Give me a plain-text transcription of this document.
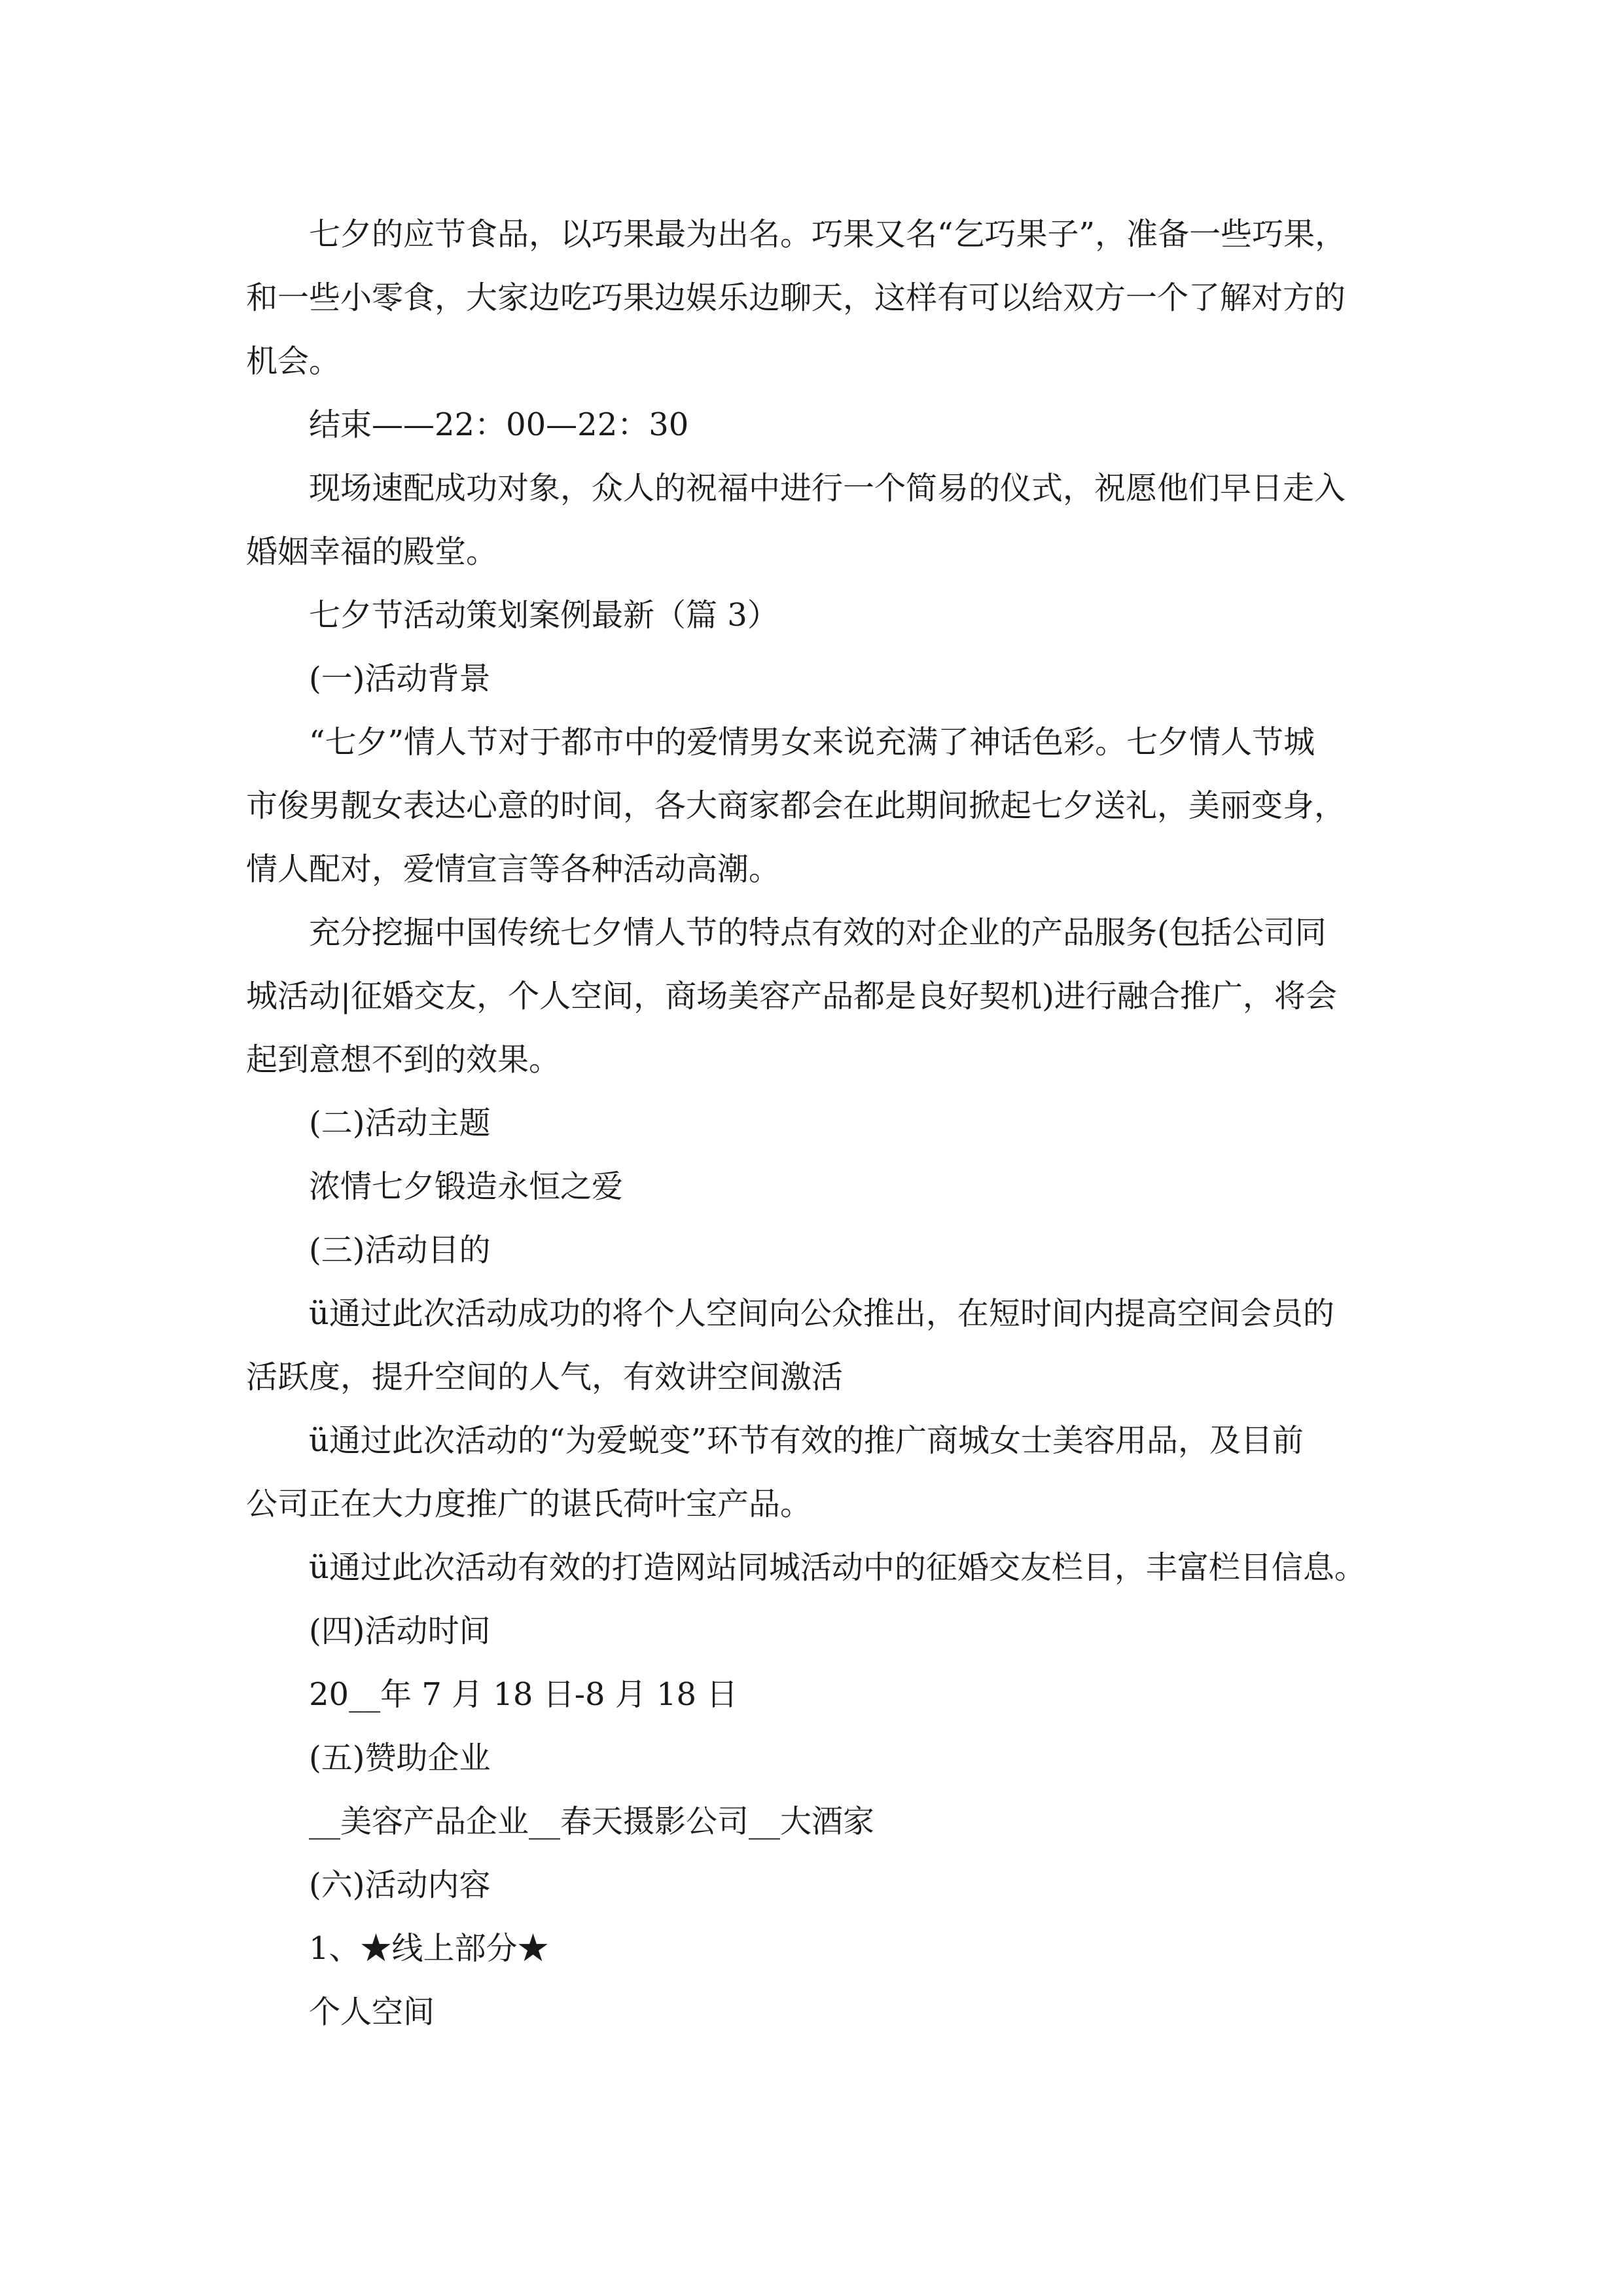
七夕的应节食品，以巧果最为出名。巧果又名“乞巧果子”，准备一些巧果，
和一些小零食，大家边吃巧果边娱乐边聊天，这样有可以给双方一个了解对方的
机会。

结束——22：00—22：30

现场速配成功对象，众人的祝福中进行一个简易的仪式，祝愿他们早日走入
婚姻幸福的殿堂。

七夕节活动策划案例最新（篇 3）

(一)活动背景

“七夕”情人节对于都市中的爱情男女来说充满了神话色彩。七夕情人节城
市俊男靓女表达心意的时间，各大商家都会在此期间掀起七夕送礼，美丽变身，
情人配对，爱情宣言等各种活动高潮。

充分挖掘中国传统七夕情人节的特点有效的对企业的产品服务(包括公司同
城活动|征婚交友，个人空间，商场美容产品都是良好契机)进行融合推广，将会
起到意想不到的效果。

(二)活动主题

浓情七夕锻造永恒之爱

(三)活动目的

ü通过此次活动成功的将个人空间向公众推出，在短时间内提高空间会员的
活跃度，提升空间的人气，有效讲空间激活

ü通过此次活动的“为爱蜕变”环节有效的推广商城女士美容用品，及目前
公司正在大力度推广的谌氏荷叶宝产品。

ü通过此次活动有效的打造网站同城活动中的征婚交友栏目，丰富栏目信息。

(四)活动时间

20__年 7 月 18 日-8 月 18 日

(五)赞助企业

__美容产品企业__春天摄影公司__大酒家

(六)活动内容

1、★线上部分★

个人空间
